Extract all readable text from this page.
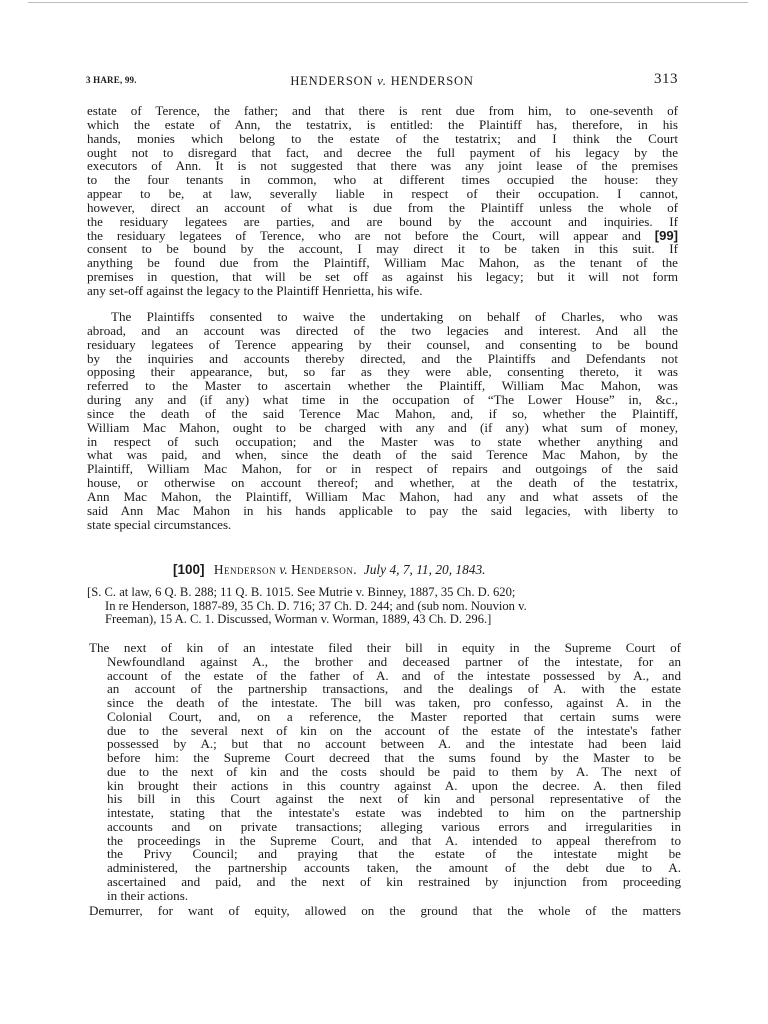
3 HARE, 99.	HENDERSON v. HENDERSON	313
estate of Terence, the father; and that there is rent due from him, to one-seventh of
which the estate of Ann, the testatrix, is entitled: the Plaintiff has, therefore, in his
hands, monies which belong to the estate of the testatrix; and I think the Court
ought not to disregard that fact, and decree the full payment of his legacy by the
executors of Ann. It is not suggested that there was any joint lease of the premises
to the four tenants in common, who at different times occupied the house: they
appear to be, at law, severally liable in respect of their occupation. I cannot,
however, direct an account of what is due from the Plaintiff unless the whole of
the residuary legatees are parties, and are bound by the account and inquiries. If
the residuary legatees of Terence, who are not before the Court, will appear and [99]
consent to be bound by the account, I may direct it to be taken in this suit. If
anything be found due from the Plaintiff, William Mac Mahon, as the tenant of the
premises in question, that will be set off as against his legacy; but it will not form
any set-off against the legacy to the Plaintiff Henrietta, his wife.
The Plaintiffs consented to waive the undertaking on behalf of Charles, who was
abroad, and an account was directed of the two legacies and interest. And all the
residuary legatees of Terence appearing by their counsel, and consenting to be bound
by the inquiries and accounts thereby directed, and the Plaintiffs and Defendants not
opposing their appearance, but, so far as they were able, consenting thereto, it was
referred to the Master to ascertain whether the Plaintiff, William Mac Mahon, was
during any and (if any) what time in the occupation of “The Lower House” in, &c.,
since the death of the said Terence Mac Mahon, and, if so, whether the Plaintiff,
William Mac Mahon, ought to be charged with any and (if any) what sum of money,
in respect of such occupation; and the Master was to state whether anything and
what was paid, and when, since the death of the said Terence Mac Mahon, by the
Plaintiff, William Mac Mahon, for or in respect of repairs and outgoings of the said
house, or otherwise on account thereof; and whether, at the death of the testatrix,
Ann Mac Mahon, the Plaintiff, William Mac Mahon, had any and what assets of the
said Ann Mac Mahon in his hands applicable to pay the said legacies, with liberty to
state special circumstances.
[100] Henderson v. Henderson. July 4, 7, 11, 20, 1843.
[S. C. at law, 6 Q. B. 288; 11 Q. B. 1015. See Mutrie v. Binney, 1887, 35 Ch. D. 620;
In re Henderson, 1887-89, 35 Ch. D. 716; 37 Ch. D. 244; and (sub nom. Nouvion v.
Freeman), 15 A. C. 1. Discussed, Worman v. Worman, 1889, 43 Ch. D. 296.]
The next of kin of an intestate filed their bill in equity in the Supreme Court of
Newfoundland against A., the brother and deceased partner of the intestate, for an
account of the estate of the father of A. and of the intestate possessed by A., and
an account of the partnership transactions, and the dealings of A. with the estate
since the death of the intestate. The bill was taken, pro confesso, against A. in the
Colonial Court, and, on a reference, the Master reported that certain sums were
due to the several next of kin on the account of the estate of the intestate's father
possessed by A.; but that no account between A. and the intestate had been laid
before him: the Supreme Court decreed that the sums found by the Master to be
due to the next of kin and the costs should be paid to them by A. The next of
kin brought their actions in this country against A. upon the decree. A. then filed
his bill in this Court against the next of kin and personal representative of the
intestate, stating that the intestate's estate was indebted to him on the partnership
accounts and on private transactions; alleging various errors and irregularities in
the proceedings in the Supreme Court, and that A. intended to appeal therefrom to
the Privy Council; and praying that the estate of the intestate might be
administered, the partnership accounts taken, the amount of the debt due to A.
ascertained and paid, and the next of kin restrained by injunction from proceeding
in their actions.
Demurrer, for want of equity, allowed on the ground that the whole of the matters
